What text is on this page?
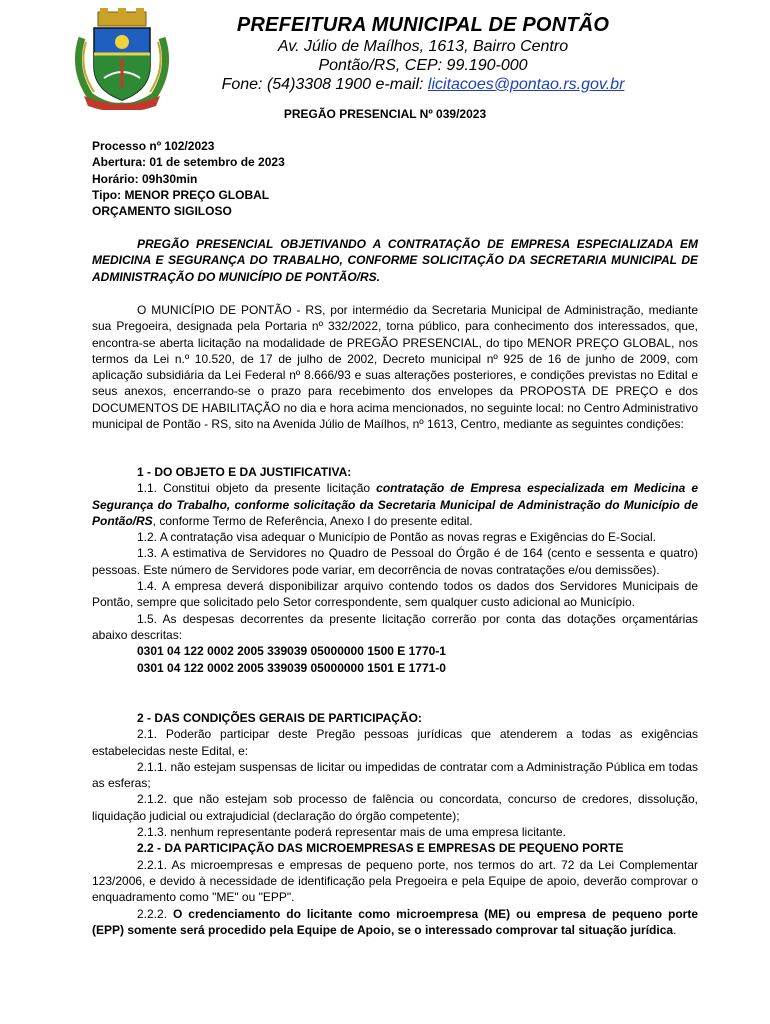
PREFEITURA MUNICIPAL DE PONTÃO
Av. Júlio de Maílhos, 1613, Bairro Centro
Pontão/RS, CEP: 99.190-000
Fone: (54)3308 1900 e-mail: licitacoes@pontao.rs.gov.br
PREGÃO PRESENCIAL Nº 039/2023
Processo nº 102/2023
Abertura: 01 de setembro de 2023
Horário: 09h30min
Tipo: MENOR PREÇO GLOBAL
ORÇAMENTO SIGILOSO

PREGÃO PRESENCIAL OBJETIVANDO A CONTRATAÇÃO DE EMPRESA ESPECIALIZADA EM MEDICINA E SEGURANÇA DO TRABALHO, CONFORME SOLICITAÇÃO DA SECRETARIA MUNICIPAL DE ADMINISTRAÇÃO DO MUNICÍPIO DE PONTÃO/RS.

O MUNICÍPIO DE PONTÃO - RS, por intermédio da Secretaria Municipal de Administração, mediante sua Pregoeira, designada pela Portaria nº 332/2022, torna público, para conhecimento dos interessados, que, encontra-se aberta licitação na modalidade de PREGÃO PRESENCIAL, do tipo MENOR PREÇO GLOBAL, nos termos da Lei n.º 10.520, de 17 de julho de 2002, Decreto municipal nº 925 de 16 de junho de 2009, com aplicação subsidiária da Lei Federal nº 8.666/93 e suas alterações posteriores, e condições previstas no Edital e seus anexos, encerrando-se o prazo para recebimento dos envelopes da PROPOSTA DE PREÇO e dos DOCUMENTOS DE HABILITAÇÃO no dia e hora acima mencionados, no seguinte local: no Centro Administrativo municipal de Pontão - RS, sito na Avenida Júlio de Maílhos, nº 1613, Centro, mediante as seguintes condições:

1 - DO OBJETO E DA JUSTIFICATIVA:

1.1. Constitui objeto da presente licitação contratação de Empresa especializada em Medicina e Segurança do Trabalho, conforme solicitação da Secretaria Municipal de Administração do Município de Pontão/RS, conforme Termo de Referência, Anexo I do presente edital.

1.2. A contratação visa adequar o Município de Pontão as novas regras e Exigências do E-Social.

1.3. A estimativa de Servidores no Quadro de Pessoal do Órgão é de 164 (cento e sessenta e quatro) pessoas. Este número de Servidores pode variar, em decorrência de novas contratações e/ou demissões).

1.4. A empresa deverá disponibilizar arquivo contendo todos os dados dos Servidores Municipais de Pontão, sempre que solicitado pelo Setor correspondente, sem qualquer custo adicional ao Município.

1.5. As despesas decorrentes da presente licitação correrão por conta das dotações orçamentárias abaixo descritas:

0301 04 122 0002 2005 339039 05000000 1500 E 1770-1

0301 04 122 0002 2005 339039 05000000 1501 E 1771-0

2 - DAS CONDIÇÕES GERAIS DE PARTICIPAÇÃO:

2.1. Poderão participar deste Pregão pessoas jurídicas que atenderem a todas as exigências estabelecidas neste Edital, e:

2.1.1. não estejam suspensas de licitar ou impedidas de contratar com a Administração Pública em todas as esferas;

2.1.2. que não estejam sob processo de falência ou concordata, concurso de credores, dissolução, liquidação judicial ou extrajudicial (declaração do órgão competente);

2.1.3. nenhum representante poderá representar mais de uma empresa licitante.

2.2 - DA PARTICIPAÇÃO DAS MICROEMPRESAS E EMPRESAS DE PEQUENO PORTE

2.2.1. As microempresas e empresas de pequeno porte, nos termos do art. 72 da Lei Complementar 123/2006, e devido à necessidade de identificação pela Pregoeira e pela Equipe de apoio, deverão comprovar o enquadramento como "ME" ou "EPP".

2.2.2. O credenciamento do licitante como microempresa (ME) ou empresa de pequeno porte (EPP) somente será procedido pela Equipe de Apoio, se o interessado comprovar tal situação jurídica.
